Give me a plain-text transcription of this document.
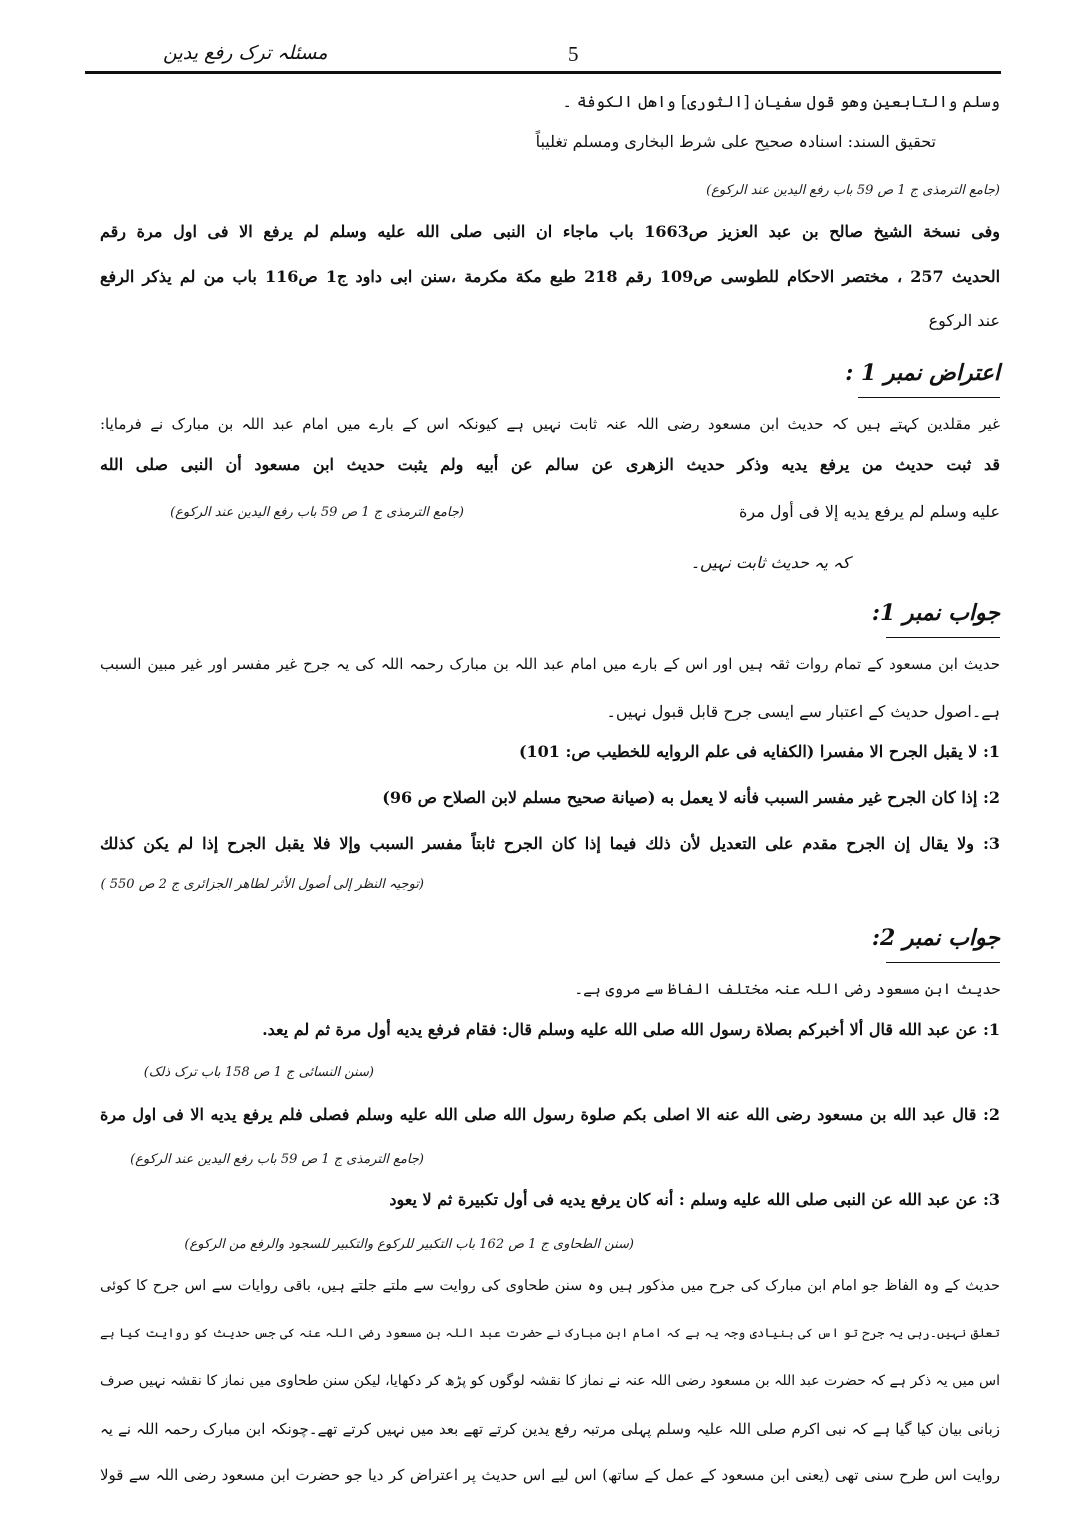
مسئلہ ترک رفع یدین	5
وسلم والتابعين وهو قول سفيان [الثوری] واهل الكوفة ۔
تحقيق السند: اسنادہ صحيح على شرط البخاری ومسلم تغليباً
(جامع الترمذی ج 1 ص 59 باب رفع اليدين عند الركوع)
وفی نسخة الشيخ صالح بن عبد العزيز ص1663 باب ماجاء ان النبی صلی الله عليه وسلم لم يرفع الا فی اول مرة رقم
الحديث 257 ، مختصر الاحكام للطوسی ص109 رقم 218 طبع مكة مكرمة ،سنن ابی داود ج1 ص116 باب من لم يذكر الرفع
عند الركوع
اعتراض نمبر 1 :
غیر مقلدین کہتے ہیں کہ حدیث ابن مسعود رضی اللہ عنہ ثابت نہیں ہے کیونکہ اس کے بارے میں امام عبد اللہ بن مبارک نے فرمایا:
قد ثبت حديث من يرفع يديه وذكر حديث الزهری عن سالم عن أبيه ولم يثبت حديث ابن مسعود أن النبی صلی الله
عليه وسلم لم يرفع يديه إلا فی أول مرة
(جامع الترمذی ج 1 ص 59 باب رفع اليدين عند الركوع)
کہ یہ حدیث ثابت نہیں۔
جواب نمبر 1:
حدیث ابن مسعود کے تمام روات ثقہ ہیں اور اس کے بارے میں امام عبد اللہ بن مبارک رحمہ اللہ کی یہ جرح غیر مفسر اور غیر مبین السبب
ہے۔اصول حدیث کے اعتبار سے ایسی جرح قابل قبول نہیں۔
1: لا يقبل الجرح الا مفسرا (الكفايه فی علم الروايه للخطيب ص: 101)
2: إذا كان الجرح غير مفسر السبب فأنه لا يعمل به (صيانة صحيح مسلم لابن الصلاح ص 96)
3: ولا يقال إن الجرح مقدم على التعديل لأن ذلك فيما إذا كان الجرح ثابتاً مفسر السبب وإلا فلا يقبل الجرح إذا لم يكن كذلك
(توجیہ النظر إلی أصول الأثر لطاهر الجزائری ج 2 ص 550 )
جواب نمبر 2:
حدیث ابن مسعود رضی اللہ عنہ مختلف الفاظ سے مروی ہے۔
1: عن عبد الله قال ألا أخبركم بصلاة رسول الله صلى الله عليه وسلم قال: فقام فرفع يديه أول مرة ثم لم يعد.
(سنن النسائی ج 1 ص 158 باب ترک ذلک)
2: قال عبد الله بن مسعود رضی الله عنه الا اصلی بكم صلوة رسول الله صلی الله عليه وسلم فصلی فلم يرفع يديه الا فی اول مرة
(جامع الترمذی ج 1 ص 59 باب رفع اليدين عند الركوع)
3: عن عبد الله عن النبی صلی الله عليه وسلم : أنه كان يرفع يديه فی أول تكبيرة ثم لا يعود
(سنن الطحاوی ج 1 ص 162 باب التكبير للركوع والتكبير للسجود والرفع من الركوع)
حدیث کے وہ الفاظ جو امام ابن مبارک کی جرح میں مذکور ہیں وہ سنن طحاوی کی روایت سے ملتے جلتے ہیں، باقی روایات سے اس جرح کا کوئی
تعلق نہیں۔رہی یہ جرح تو اس کی بنیادی وجہ یہ ہے کہ امام ابن مبارک نے حضرت عبد اللہ بن مسعود رضی اللہ عنہ کی جس حدیث کو روایت کیا ہے
اس میں یہ ذکر ہے کہ حضرت عبد اللہ بن مسعود رضی اللہ عنہ نے نماز کا نقشہ لوگوں کو پڑھ کر دکھایا، لیکن سنن طحاوی میں نماز کا نقشہ نہیں صرف
زبانی بیان کیا گیا ہے کہ نبی اکرم صلی اللہ علیہ وسلم پہلی مرتبہ رفع یدین کرتے تھے بعد میں نہیں کرتے تھے۔چونکہ ابن مبارک رحمہ اللہ نے یہ
روایت اس طرح سنی تھی (یعنی ابن مسعود کے عمل کے ساتھ) اس لیے اس حدیث پر اعتراض کر دیا جو حضرت ابن مسعود رضی اللہ سے قولا
